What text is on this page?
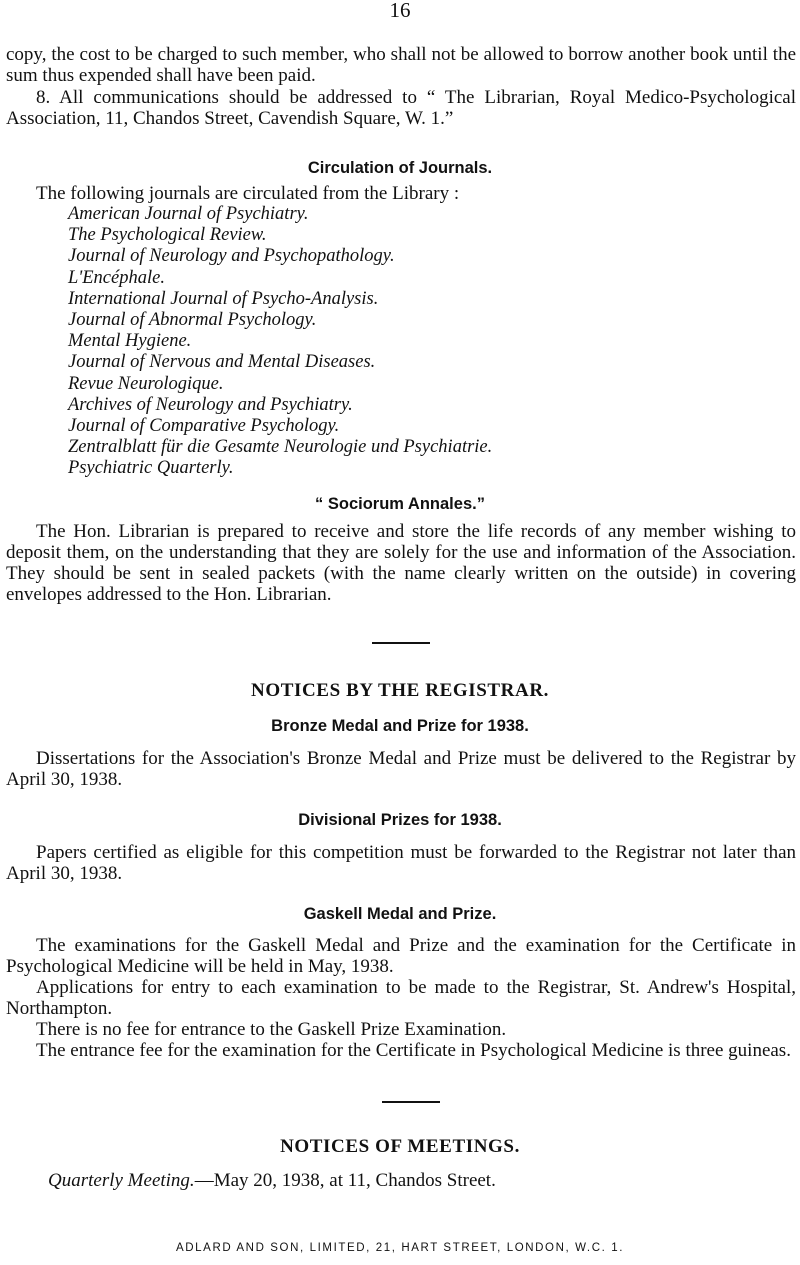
16

copy, the cost to be charged to such member, who shall not be allowed to borrow another book until the sum thus expended shall have been paid.

8. All communications should be addressed to “ The Librarian, Royal Medico-Psychological Association, 11, Chandos Street, Cavendish Square, W. 1.”

Circulation of Journals.

The following journals are circulated from the Library :

American Journal of Psychiatry.
The Psychological Review.
Journal of Neurology and Psychopathology.
L'Encéphale.
International Journal of Psycho-Analysis.
Journal of Abnormal Psychology.
Mental Hygiene.
Journal of Nervous and Mental Diseases.
Revue Neurologique.
Archives of Neurology and Psychiatry.
Journal of Comparative Psychology.
Zentralblatt für die Gesamte Neurologie und Psychiatrie.
Psychiatric Quarterly.
“ Sociorum Annales.”

The Hon. Librarian is prepared to receive and store the life records of any member wishing to deposit them, on the understanding that they are solely for the use and information of the Association. They should be sent in sealed packets (with the name clearly written on the outside) in covering envelopes addressed to the Hon. Librarian.

NOTICES BY THE REGISTRAR.
Bronze Medal and Prize for 1938.

Dissertations for the Association's Bronze Medal and Prize must be delivered to the Registrar by April 30, 1938.

Divisional Prizes for 1938.

Papers certified as eligible for this competition must be forwarded to the Registrar not later than April 30, 1938.

Gaskell Medal and Prize.

The examinations for the Gaskell Medal and Prize and the examination for the Certificate in Psychological Medicine will be held in May, 1938.

Applications for entry to each examination to be made to the Registrar, St. Andrew's Hospital, Northampton.

There is no fee for entrance to the Gaskell Prize Examination.

The entrance fee for the examination for the Certificate in Psychological Medicine is three guineas.

NOTICES OF MEETINGS.

Quarterly Meeting.—May 20, 1938, at 11, Chandos Street.

ADLARD AND SON, LIMITED, 21, HART STREET, LONDON, W.C. 1.
